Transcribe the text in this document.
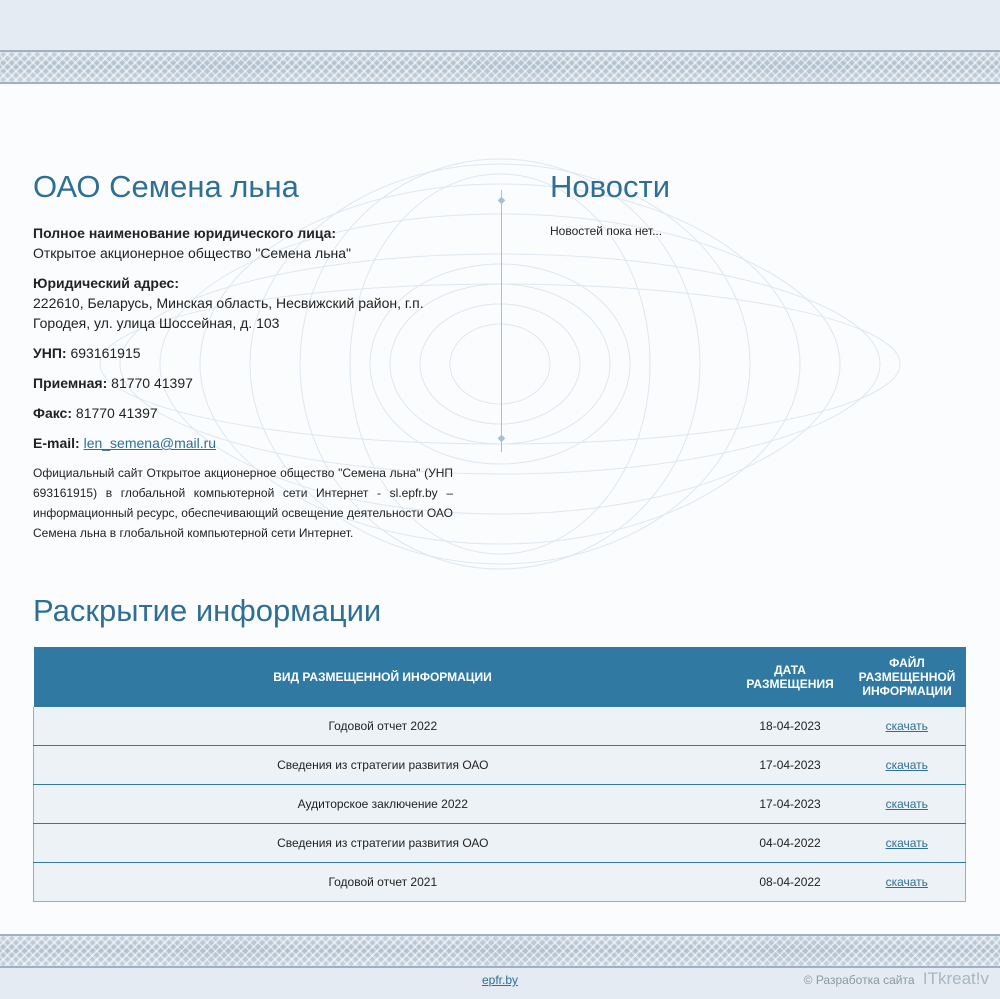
ОАО Семена льна	Новости
Полное наименование юридического лица:
Открытое акционерное общество "Семена льна"
Юридический адрес:
222610, Беларусь, Минская область, Несвижский район, г.п. Городея, ул. улица Шоссейная, д. 103
УНП: 693161915
Приемная: 81770 41397
Факс: 81770 41397
E-mail: len_semena@mail.ru
Официальный сайт Открытое акционерное общество "Семена льна" (УНП 693161915) в глобальной компьютерной сети Интернет - sl.epfr.by – информационный ресурс, обеспечивающий освещение деятельности ОАО Семена льна в глобальной компьютерной сети Интернет.
◆
◆
Новостей пока нет...
Раскрытие информации
ВИД РАЗМЕЩЕННОЙ ИНФОРМАЦИИ	ДАТА РАЗМЕЩЕНИЯ	ФАЙЛ РАЗМЕЩЕННОЙ ИНФОРМАЦИИ
Годовой отчет 2022	18-04-2023	скачать
Сведения из стратегии развития ОАО	17-04-2023	скачать
Аудиторское заключение 2022	17-04-2023	скачать
Сведения из стратегии развития ОАО	04-04-2022	скачать
Годовой отчет 2021	08-04-2022	скачать
epfr.by	© Разработка сайта ITkreat!v
